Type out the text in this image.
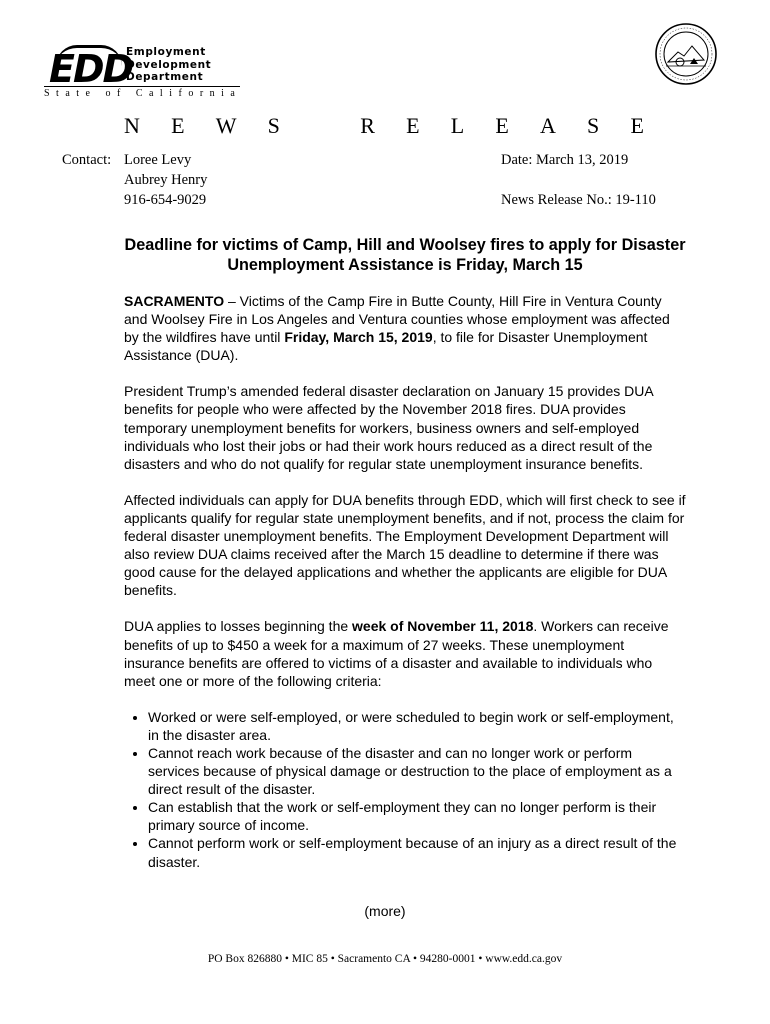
EDD
Employment
Development
Department
State of California
N E W S	R E L E A S E
Contact: Loree Levy
Aubrey Henry
916-654-9029
Date: March 13, 2019
News Release No.: 19-110
Deadline for victims of Camp, Hill and Woolsey fires to apply for Disaster Unemployment Assistance is Friday, March 15

SACRAMENTO – Victims of the Camp Fire in Butte County, Hill Fire in Ventura County and Woolsey Fire in Los Angeles and Ventura counties whose employment was affected by the wildfires have until Friday, March 15, 2019, to file for Disaster Unemployment Assistance (DUA).

President Trump’s amended federal disaster declaration on January 15 provides DUA benefits for people who were affected by the November 2018 fires. DUA provides temporary unemployment benefits for workers, business owners and self-employed individuals who lost their jobs or had their work hours reduced as a direct result of the disasters and who do not qualify for regular state unemployment insurance benefits.

Affected individuals can apply for DUA benefits through EDD, which will first check to see if applicants qualify for regular state unemployment benefits, and if not, process the claim for federal disaster unemployment benefits. The Employment Development Department will also review DUA claims received after the March 15 deadline to determine if there was good cause for the delayed applications and whether the applicants are eligible for DUA benefits.

DUA applies to losses beginning the week of November 11, 2018. Workers can receive benefits of up to $450 a week for a maximum of 27 weeks. These unemployment insurance benefits are offered to victims of a disaster and available to individuals who meet one or more of the following criteria:

• Worked or were self-employed, or were scheduled to begin work or self-employment, in the disaster area.
• Cannot reach work because of the disaster and can no longer work or perform services because of physical damage or destruction to the place of employment as a direct result of the disaster.
• Can establish that the work or self-employment they can no longer perform is their primary source of income.
• Cannot perform work or self-employment because of an injury as a direct result of the disaster.
(more)
PO Box 826880 • MIC 85 • Sacramento CA • 94280-0001 • www.edd.ca.gov
